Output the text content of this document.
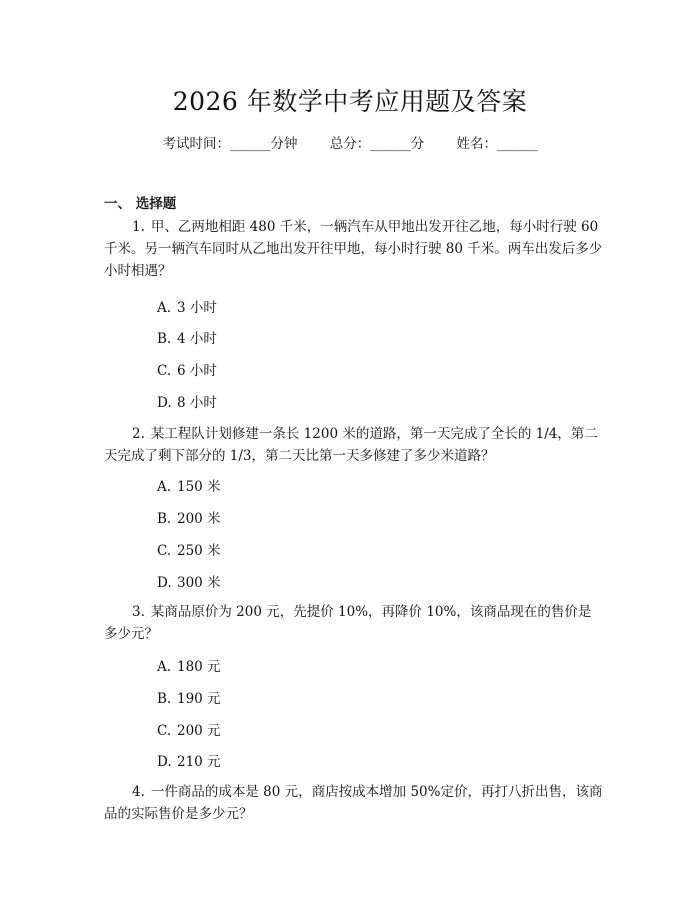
2026 年数学中考应用题及答案
考试时间：______分钟 总分：______分 姓名：______
一、 选择题
1. 甲、乙两地相距 480 千米，一辆汽车从甲地出发开往乙地，每小时行驶 60 千米。另一辆汽车同时从乙地出发开往甲地，每小时行驶 80 千米。两车出发后多少小时相遇？
A. 3 小时
B. 4 小时
C. 6 小时
D. 8 小时
2. 某工程队计划修建一条长 1200 米的道路，第一天完成了全长的 1/4，第二天完成了剩下部分的 1/3，第二天比第一天多修建了多少米道路？
A. 150 米
B. 200 米
C. 250 米
D. 300 米
3. 某商品原价为 200 元，先提价 10%，再降价 10%，该商品现在的售价是多少元？
A. 180 元
B. 190 元
C. 200 元
D. 210 元
4. 一件商品的成本是 80 元，商店按成本增加 50%定价，再打八折出售，该商品的实际售价是多少元？
